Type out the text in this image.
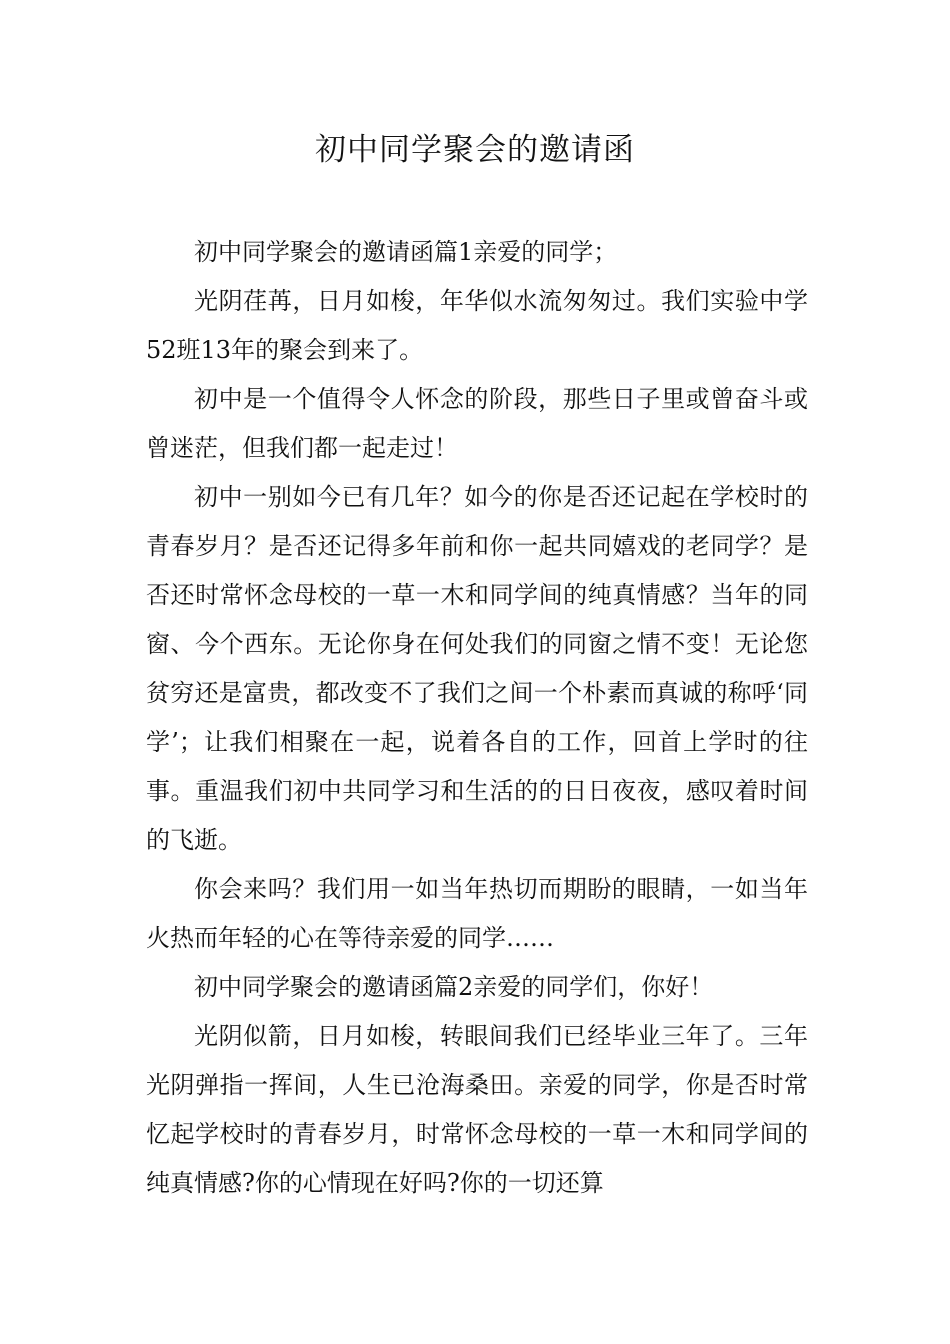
初中同学聚会的邀请函

初中同学聚会的邀请函篇1亲爱的同学；

光阴荏苒，日月如梭，年华似水流匆匆过。我们实验中学52班13年的聚会到来了。

初中是一个值得令人怀念的阶段，那些日子里或曾奋斗或曾迷茫，但我们都一起走过！

初中一别如今已有几年？如今的你是否还记起在学校时的青春岁月？是否还记得多年前和你一起共同嬉戏的老同学？是否还时常怀念母校的一草一木和同学间的纯真情感？当年的同窗、今个西东。无论你身在何处我们的同窗之情不变！无论您贫穷还是富贵，都改变不了我们之间一个朴素而真诚的称呼‘同学’；让我们相聚在一起，说着各自的工作，回首上学时的往事。重温我们初中共同学习和生活的的日日夜夜，感叹着时间的飞逝。

你会来吗？我们用一如当年热切而期盼的眼睛，一如当年火热而年轻的心在等待亲爱的同学……

初中同学聚会的邀请函篇2亲爱的同学们，你好！

光阴似箭，日月如梭，转眼间我们已经毕业三年了。三年光阴弹指一挥间，人生已沧海桑田。亲爱的同学，你是否时常忆起学校时的青春岁月，时常怀念母校的一草一木和同学间的纯真情感?你的心情现在好吗?你的一切还算
